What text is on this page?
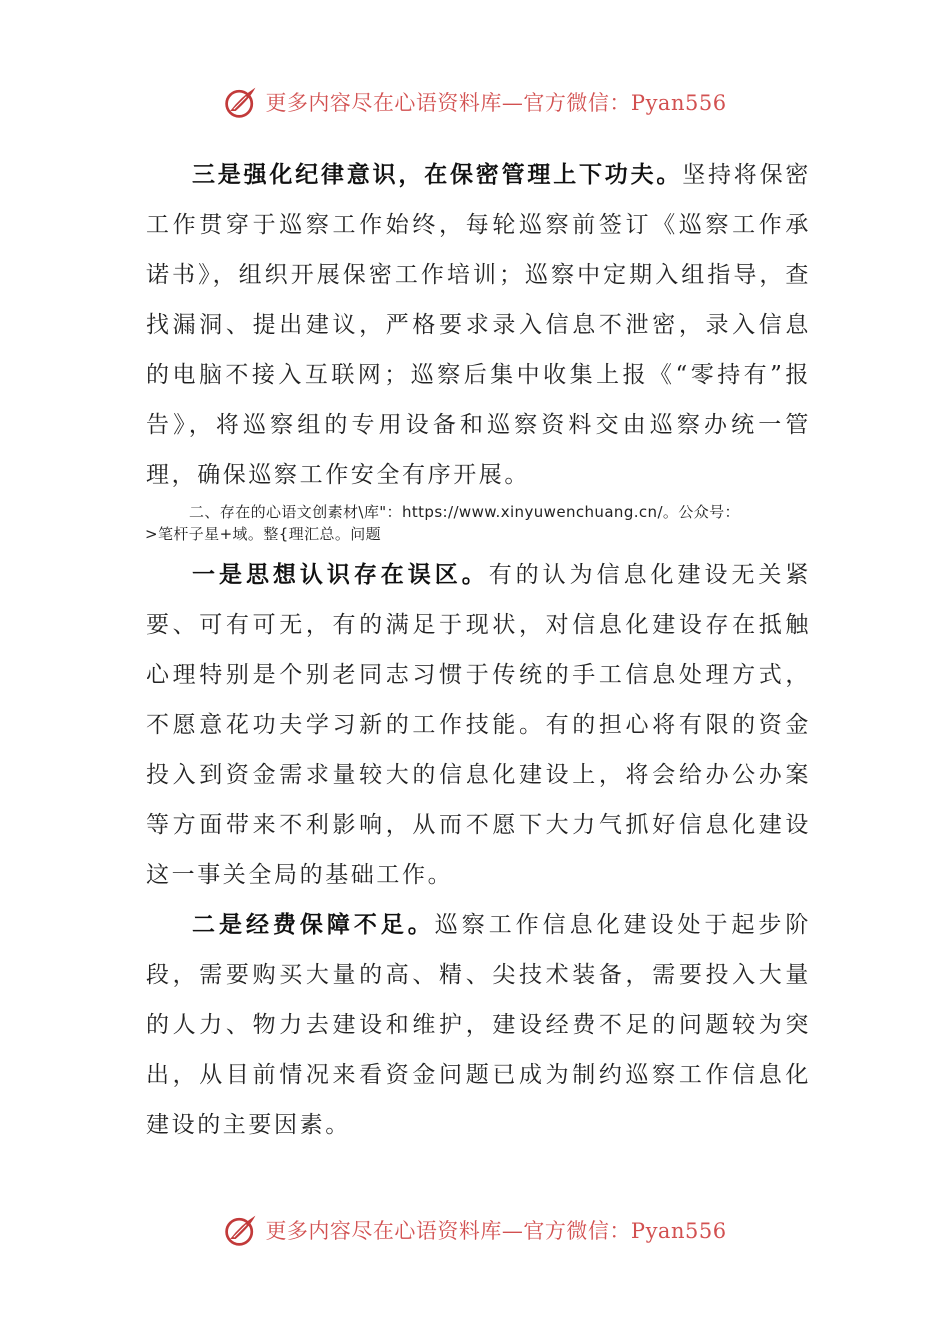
更多内容尽在心语资料库—官方微信：Pyan556

三是强化纪律意识，在保密管理上下功夫。坚持将保密工作贯穿于巡察工作始终，每轮巡察前签订《巡察工作承诺书》，组织开展保密工作培训；巡察中定期入组指导，查找漏洞、提出建议，严格要求录入信息不泄密，录入信息的电脑不接入互联网；巡察后集中收集上报《“零持有”报告》，将巡察组的专用设备和巡察资料交由巡察办统一管理，确保巡察工作安全有序开展。

二、存在的心语文创素材\库"：https://www.xinyuwenchuang.cn/。公众号：
>笔杆子星+域。整{理汇总。问题

一是思想认识存在误区。有的认为信息化建设无关紧要、可有可无，有的满足于现状，对信息化建设存在抵触心理特别是个别老同志习惯于传统的手工信息处理方式，不愿意花功夫学习新的工作技能。有的担心将有限的资金投入到资金需求量较大的信息化建设上，将会给办公办案等方面带来不利影响，从而不愿下大力气抓好信息化建设这一事关全局的基础工作。

二是经费保障不足。巡察工作信息化建设处于起步阶段，需要购买大量的高、精、尖技术装备，需要投入大量的人力、物力去建设和维护，建设经费不足的问题较为突出，从目前情况来看资金问题已成为制约巡察工作信息化建设的主要因素。

更多内容尽在心语资料库—官方微信：Pyan556
